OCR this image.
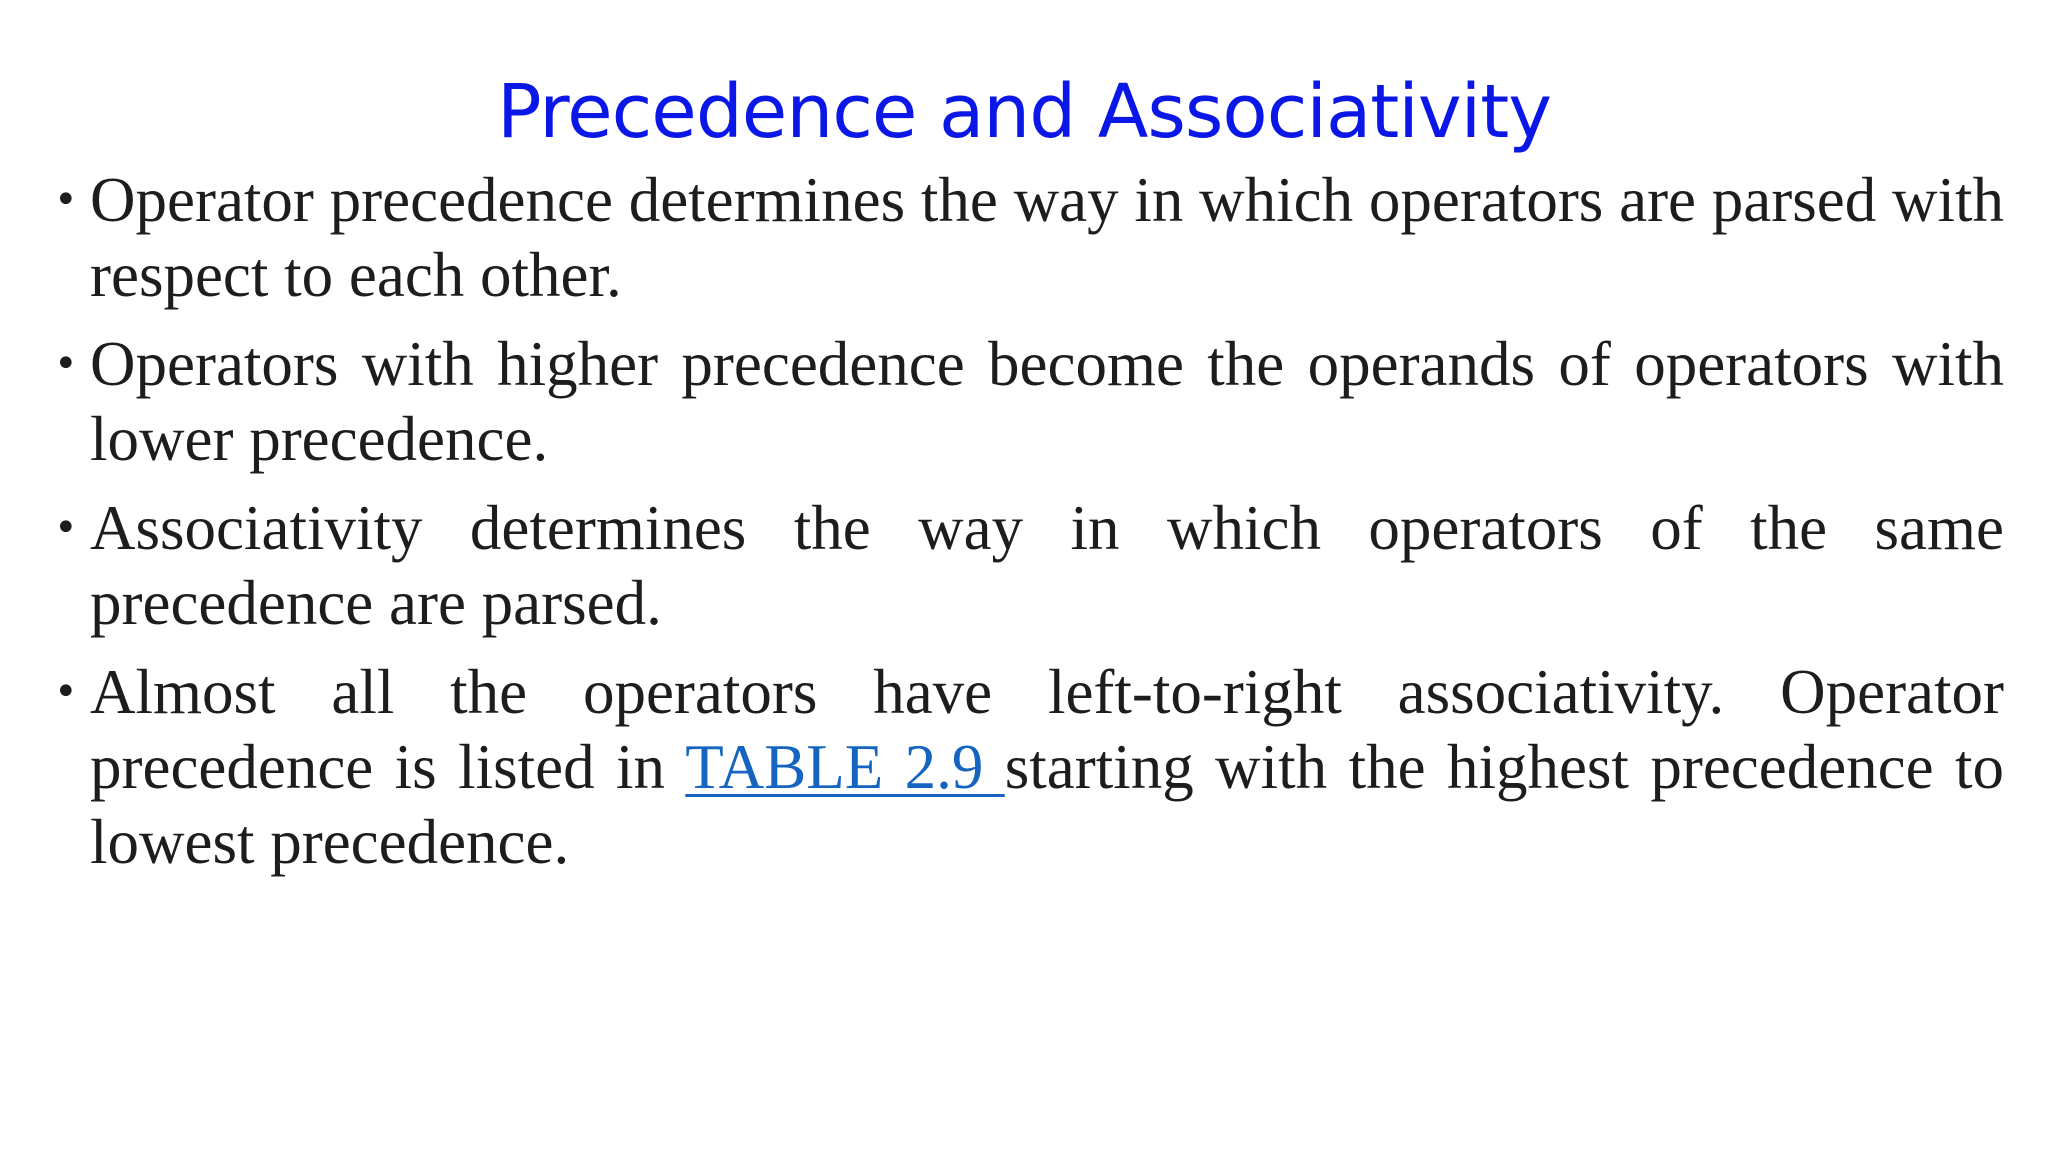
Precedence and Associativity
• Operator precedence determines the way in which operators are parsed with respect to each other.
• Operators with higher precedence become the operands of operators with lower precedence.
• Associativity determines the way in which operators of the same precedence are parsed.
• Almost all the operators have left-to-right associativity. Operator precedence is listed in TABLE 2.9 starting with the highest precedence to lowest precedence.
